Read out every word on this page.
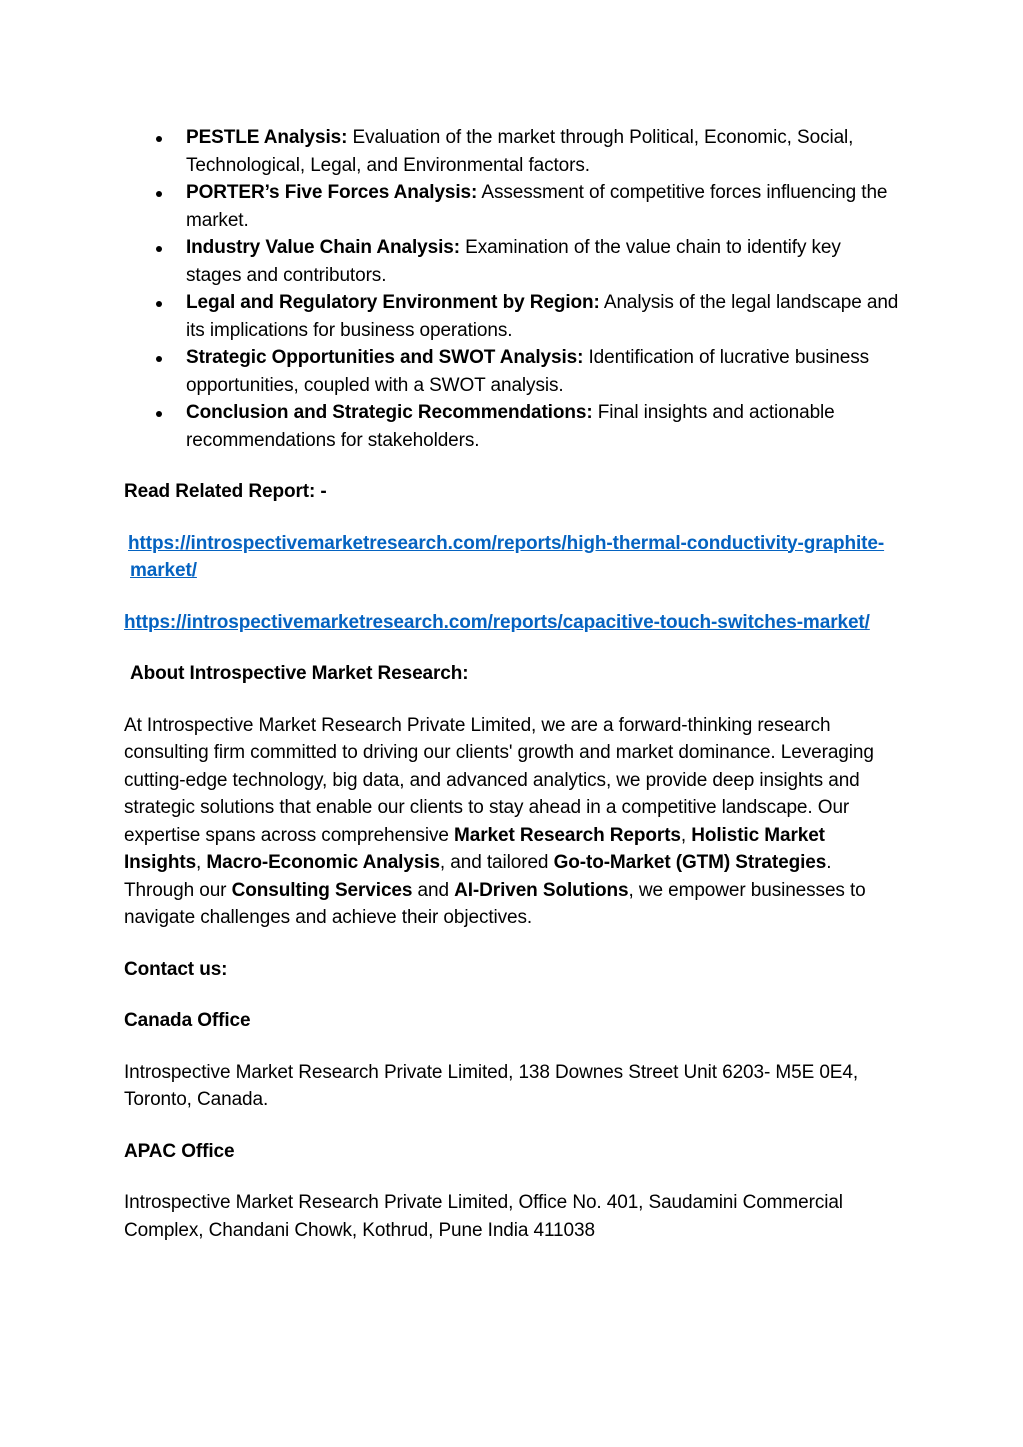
PESTLE Analysis: Evaluation of the market through Political, Economic, Social, Technological, Legal, and Environmental factors.
PORTER’s Five Forces Analysis: Assessment of competitive forces influencing the market.
Industry Value Chain Analysis: Examination of the value chain to identify key stages and contributors.
Legal and Regulatory Environment by Region: Analysis of the legal landscape and its implications for business operations.
Strategic Opportunities and SWOT Analysis: Identification of lucrative business opportunities, coupled with a SWOT analysis.
Conclusion and Strategic Recommendations: Final insights and actionable recommendations for stakeholders.

Read Related Report: -

https://introspectivemarketresearch.com/reports/high-thermal-conductivity-graphite-market/

https://introspectivemarketresearch.com/reports/capacitive-touch-switches-market/

About Introspective Market Research:

At Introspective Market Research Private Limited, we are a forward-thinking research consulting firm committed to driving our clients' growth and market dominance. Leveraging cutting-edge technology, big data, and advanced analytics, we provide deep insights and strategic solutions that enable our clients to stay ahead in a competitive landscape. Our expertise spans across comprehensive Market Research Reports, Holistic Market Insights, Macro-Economic Analysis, and tailored Go-to-Market (GTM) Strategies. Through our Consulting Services and AI-Driven Solutions, we empower businesses to navigate challenges and achieve their objectives.

Contact us:

Canada Office

Introspective Market Research Private Limited, 138 Downes Street Unit 6203- M5E 0E4, Toronto, Canada.

APAC Office

Introspective Market Research Private Limited, Office No. 401, Saudamini Commercial Complex, Chandani Chowk, Kothrud, Pune India 411038
